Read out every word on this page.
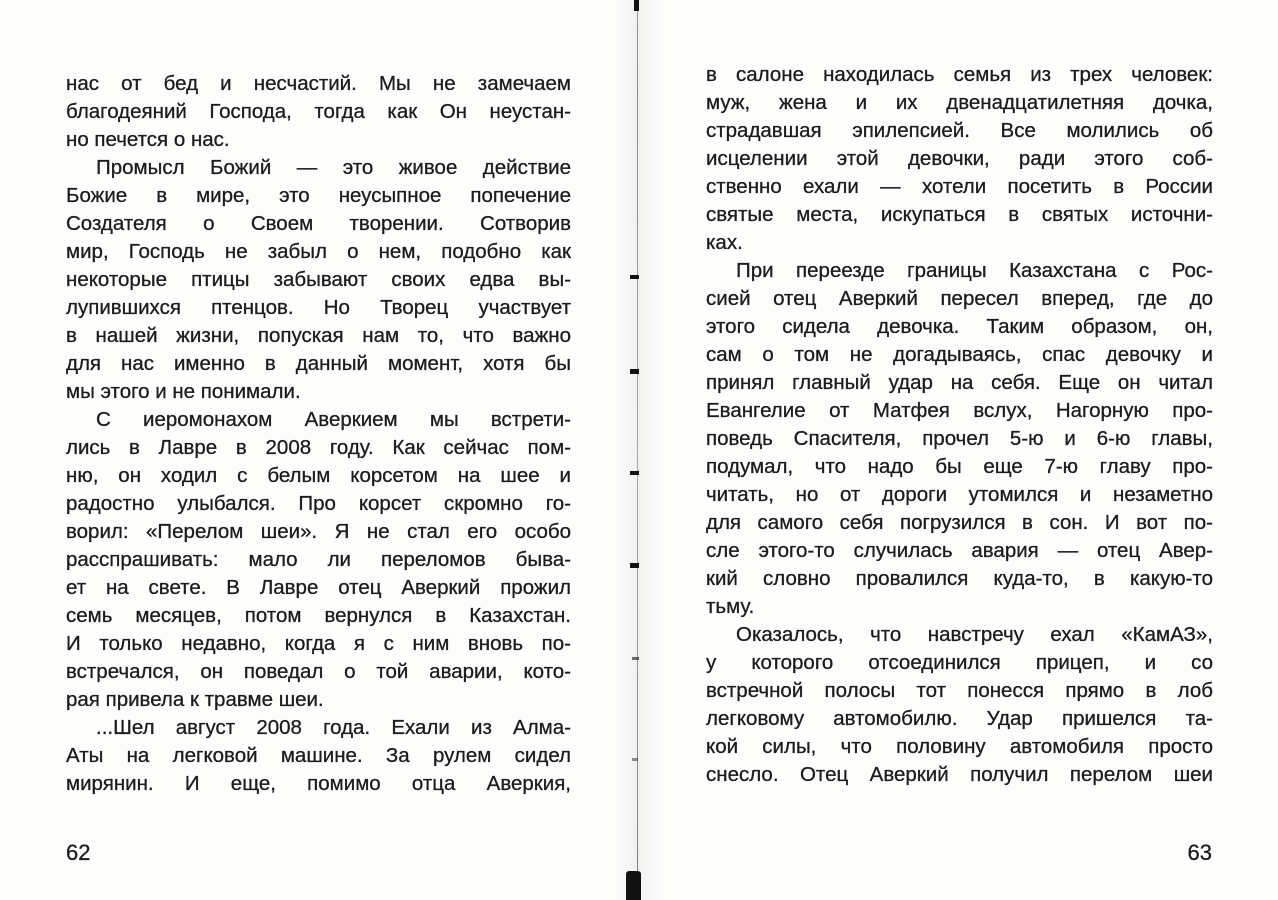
нас от бед и несчастий. Мы не замечаем
благодеяний Господа, тогда как Он неустан-
но печется о нас.
Промысл Божий — это живое действие
Божие в мире, это неусыпное попечение
Создателя о Своем творении. Сотворив
мир, Господь не забыл о нем, подобно как
некоторые птицы забывают своих едва вы-
лупившихся птенцов. Но Творец участвует
в нашей жизни, попуская нам то, что важно
для нас именно в данный момент, хотя бы
мы этого и не понимали.
С иеромонахом Аверкием мы встрети-
лись в Лавре в 2008 году. Как сейчас пом-
ню, он ходил с белым корсетом на шее и
радостно улыбался. Про корсет скромно го-
ворил: «Перелом шеи». Я не стал его особо
расспрашивать: мало ли переломов быва-
ет на свете. В Лавре отец Аверкий прожил
семь месяцев, потом вернулся в Казахстан.
И только недавно, когда я с ним вновь по-
встречался, он поведал о той аварии, кото-
рая привела к травме шеи.
...Шел август 2008 года. Ехали из Алма-
Аты на легковой машине. За рулем сидел
мирянин. И еще, помимо отца Аверкия,
62
в салоне находилась семья из трех человек:
муж, жена и их двенадцатилетняя дочка,
страдавшая эпилепсией. Все молились об
исцелении этой девочки, ради этого соб-
ственно ехали — хотели посетить в России
святые места, искупаться в святых источни-
ках.
При переезде границы Казахстана с Рос-
сией отец Аверкий пересел вперед, где до
этого сидела девочка. Таким образом, он,
сам о том не догадываясь, спас девочку и
принял главный удар на себя. Еще он читал
Евангелие от Матфея вслух, Нагорную про-
поведь Спасителя, прочел 5-ю и 6-ю главы,
подумал, что надо бы еще 7-ю главу про-
читать, но от дороги утомился и незаметно
для самого себя погрузился в сон. И вот по-
сле этого-то случилась авария — отец Авер-
кий словно провалился куда-то, в какую-то
тьму.
Оказалось, что навстречу ехал «КамАЗ»,
у которого отсоединился прицеп, и со
встречной полосы тот понесся прямо в лоб
легковому автомобилю. Удар пришелся та-
кой силы, что половину автомобиля просто
снесло. Отец Аверкий получил перелом шеи
63
